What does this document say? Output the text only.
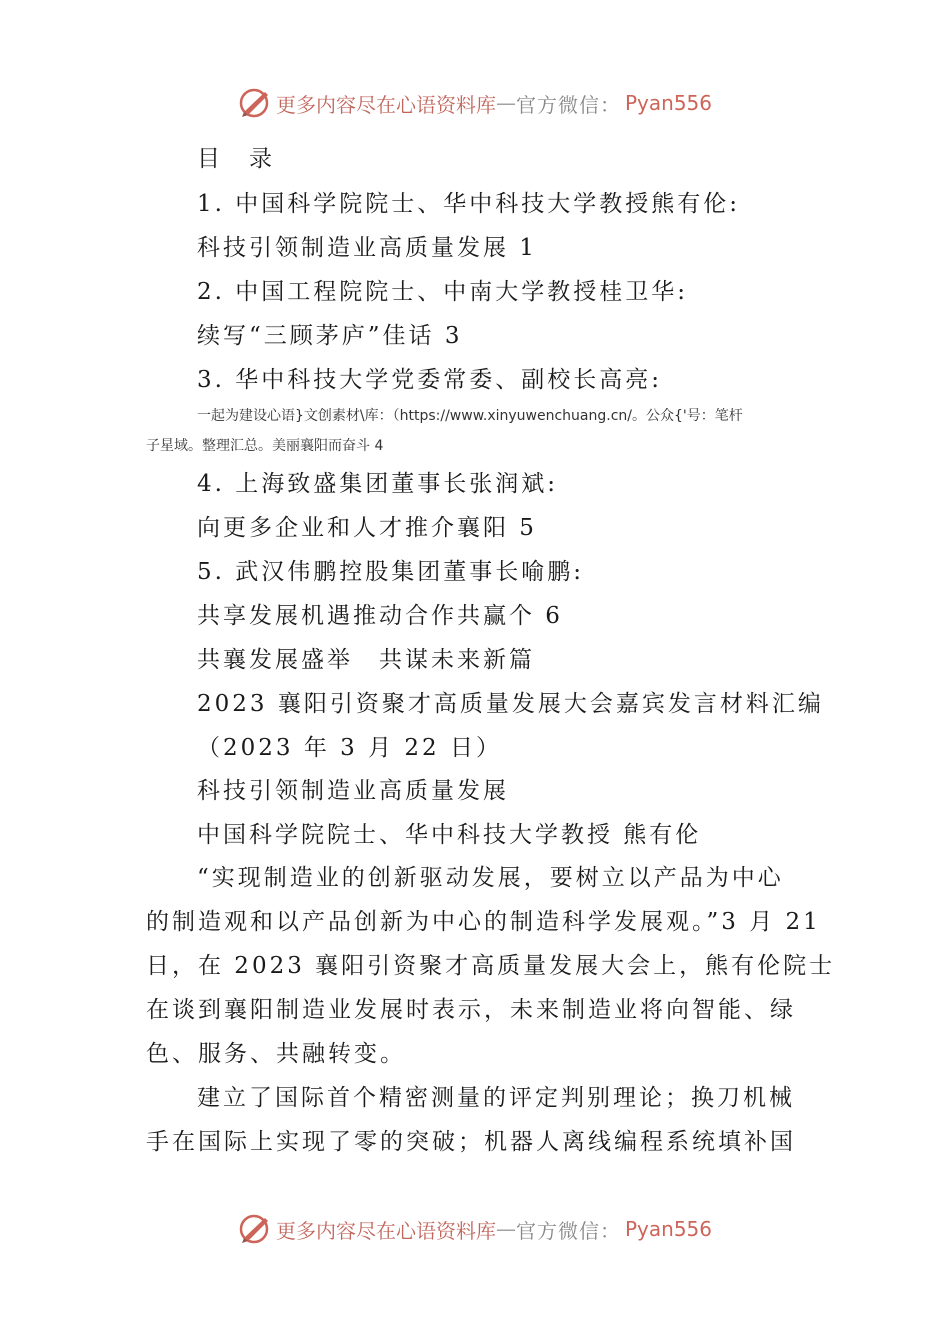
更多内容尽在心语资料库 — 官方微信： Pyan556
目　录
1. 中国科学院院士、华中科技大学教授熊有伦:
科技引领制造业高质量发展 1
2. 中国工程院院士、中南大学教授桂卫华:
续写“三顾茅庐”佳话 3
3. 华中科技大学党委常委、副校长高亮:
一起为建设心语}文创素材\库：（https://www.xinyuwenchuang.cn/。公众{'号：笔杆
子星域。整理汇总。美丽襄阳而奋斗 4
4. 上海致盛集团董事长张润斌:
向更多企业和人才推介襄阳 5
5. 武汉伟鹏控股集团董事长喻鹏:
共享发展机遇推动合作共赢个 6
共襄发展盛举　共谋未来新篇
2023 襄阳引资聚才高质量发展大会嘉宾发言材料汇编
（2023 年 3 月 22 日）
科技引领制造业高质量发展
中国科学院院士、华中科技大学教授 熊有伦
“实现制造业的创新驱动发展，要树立以产品为中心
的制造观和以产品创新为中心的制造科学发展观。”3 月 21
日，在 2023 襄阳引资聚才高质量发展大会上，熊有伦院士
在谈到襄阳制造业发展时表示，未来制造业将向智能、绿
色、服务、共融转变。
建立了国际首个精密测量的评定判别理论；换刀机械
手在国际上实现了零的突破；机器人离线编程系统填补国
更多内容尽在心语资料库 — 官方微信： Pyan556
